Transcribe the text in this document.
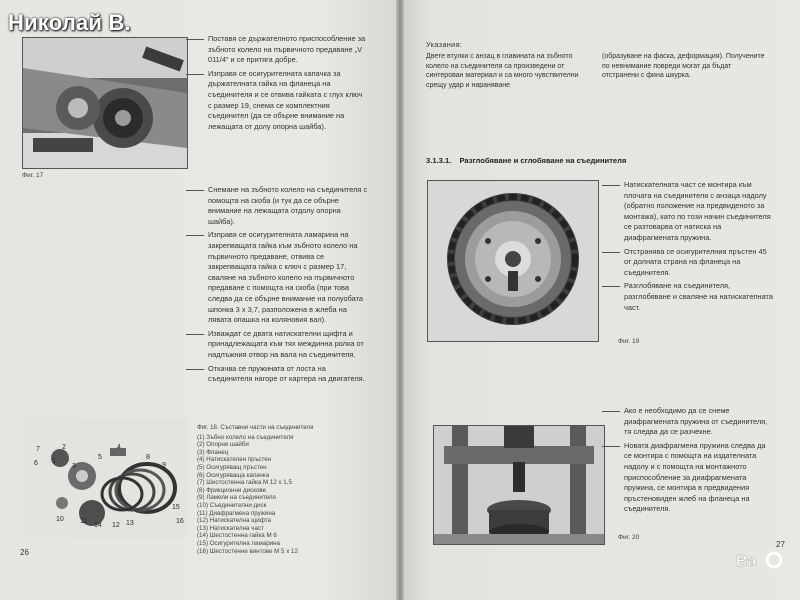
Фиг. 17
Поставя се държателното приспособление за зъбното колело на първичното предаване „V 011/4“ и се притяга добре.
Изправя се осигурителната капачка за държателната гайка на фланеца на съединителя и се отвива гайката с глух ключ с размер 19, снема се комплектния съединител (да се обърне внимание на лежащата от долу опорна шайба).
Снемане на зъбното колело на съединителя с помощта на скоба (и тук да се обърне внимание на лежащата отдолу опорна шайба).
Изправя се осигурителната ламарина на закрепващата гайка към зъбното колело на първичното предаване, отвива се закрепващата гайка с ключ с размер 17, сваляне на зъбното колело на първичното предаване с помощта на скоба (при това следва да се обърне внимание на полуобата шпонка 3 х 3,7, разположена в жлеба на лявата опашка на коляновия вал).
Изваждат се двата натискателни щифта и принадлежащата към тях междинна ролка от надлъжния отвор на вала на съединителя.
Откачва се пружината от лоста на съединителя нагоре от картера на двигателя.
1
2
3
4
5
6
7
8
9
10 11
12 13
14
15
16
Фиг. 18. Съставни части на съединителя
(1) Зъбно колело на съединителя
(2) Опорни шайби
(3) Фланец
(4) Натискателен пръстен
(5) Осигуряващ пръстен
(6) Осигуряваща капачка
(7) Шестостенна гайка М 12 х 1,5
(8) Фрикционни дискове
(9) Ламели на съединителя
(10) Съединителни диск
(11) Диафрагмена пружина
(12) Натискателна щифта
(13) Натискателна част
(14) Шестостенна гайка М 6
(15) Осигурителна ламарина
(16) Шестостенни винтове М 5 х 12
26
Указания:
Двете втулки с анзац в главината на зъбното колело на съединителя са произведени от синтерован материал и са много чувствителни срещу удар и нараняване
(образуване на фаска, деформация). Получените по невнимание повреди могат да бъдат отстранени с фина шкурка.
3.1.3.1. Разглобяване и сглобяване на съединителя
Натискателната част се монтира към плочата на съединителя с анзаца надолу (обратно положение на предвиденото за монтажа), като по този начин съединителя се разтоварва от натиска на диафрагмената пружина.
Отстранява се осигурителния пръстен 45 от долната страна на фланеца на съединителя.
Разглобяване на съединителя, разглобяване и сваляне на натискателната част.
Фиг. 19
Ако е необходимо да се снеме диафрагмената пружина от съединителя, тя следва да се разчекне.
Новата диафрагмена пружина следва да се монтира с помощта на издателната надолу и с помощта на монтажното приспособление за диафрагмената пружина, се монтира в предвидения пръстеновиден жлеб на фланеца на съединителя.
Фиг. 20
27
Ba
Николай В.
